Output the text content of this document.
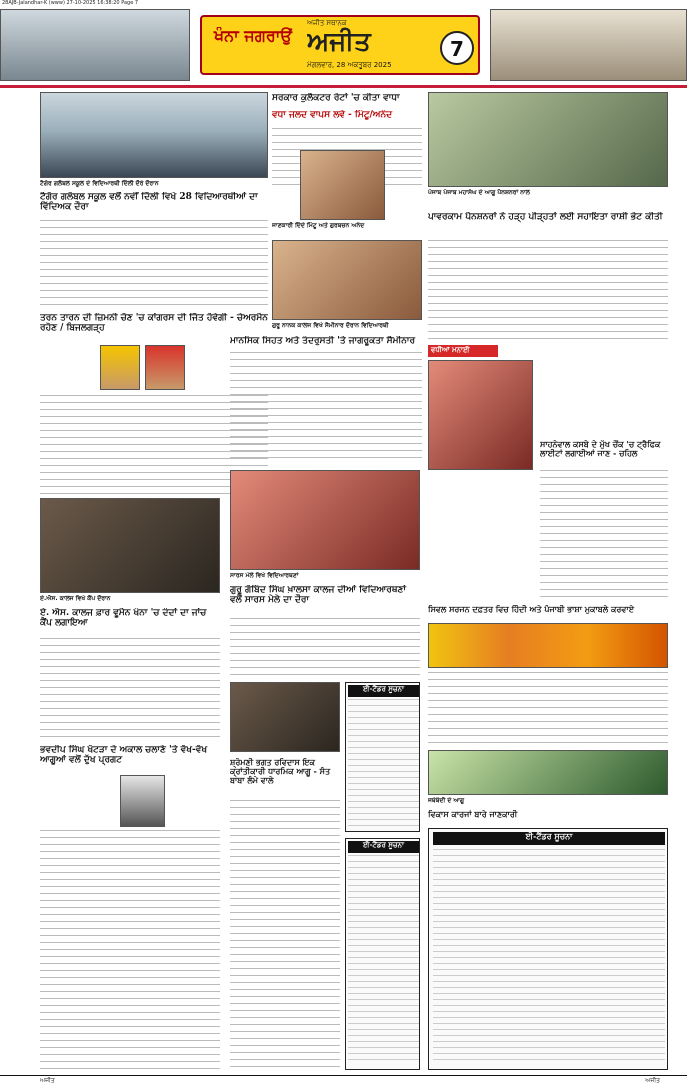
28AJB-Jalandhar-K (www) 27-10-2025 16:38:20 Page 7
ਖੰਨਾ ਜਗਰਾਉਂ
ਅਜੀਤ ਸਥਾਨਕ
ਅਜੀਤ
ਮੰਗਲਵਾਰ, 28 ਅਕਤੂਬਰ 2025
7
ਟੈਗੋਰ ਗਲੋਬਲ ਸਕੂਲ ਦੇ ਵਿਦਿਆਰਥੀ ਦਿੱਲੀ ਦੌਰੇ ਦੌਰਾਨ
ਟੈਗੋਰ ਗਲੋਬਲ ਸਕੂਲ ਵਲੋਂ ਨਵੀਂ ਦਿੱਲੀ ਵਿਖੇ 28 ਵਿਦਿਆਰਥੀਆਂ ਦਾ ਵਿੱਦਿਅਕ ਦੌਰਾ
ਸਰਕਾਰ ਕੁਲੈਕਟਰ ਰੇਟਾਂ 'ਚ ਕੀਤਾ ਵਾਧਾ
ਵਧਾ ਜਲਦ ਵਾਪਸ ਲਵੇ - ਮਿੰਟੂ/ਅਨੰਦ
ਜਾਣਕਾਰੀ ਦਿੰਦੇ ਮਿੰਟੂ ਅਤੇ ਗੁਰਬਚਨ ਅਨੰਦ
ਪੰਜਾਬ ਪੰਜਾਬ ਮਹਾਸੰਘ ਦੇ ਆਗੂ ਪੈਨਸ਼ਨਰਾਂ ਨਾਲ
ਪਾਵਰਕਾਮ ਪੈਨਸ਼ਨਰਾਂ ਨੇ ਹੜ੍ਹ ਪੀੜ੍ਹਤਾਂ ਲਈ ਸਹਾਇਤਾ ਰਾਸ਼ੀ ਭੇਟ ਕੀਤੀ
ਤਰਨ ਤਾਰਨ ਦੀ ਜ਼ਿਮਨੀ ਚੋਣ 'ਚ ਕਾਂਗਰਸ ਦੀ ਜਿੱਤ ਹੋਵੇਗੀ - ਚੇਅਰਮੈਨ ਰਹੋਣ / ਬਿਜਲਗੜ੍ਹ	ਗੁਰੂ ਨਾਨਕ ਕਾਲਜ ਵਿਖੇ ਸੈਮੀਨਾਰ ਦੌਰਾਨ ਵਿਦਿਆਰਥੀ
ਮਾਨਸਿਕ ਸਿਹਤ ਅਤੇ ਤੰਦਰੁਸਤੀ 'ਤੇ ਜਾਗਰੂਕਤਾ ਸੈਮੀਨਾਰ
ਵਧੀਆਂ ਮਨਾਈ
ਸਾਹਨੇਵਾਲ ਕਸਬੇ ਦੇ ਮੁੱਖ ਚੌਂਕ 'ਚ ਟ੍ਰੈਫਿਕ ਲਾਈਟਾਂ ਲਗਾਈਆਂ ਜਾਣ - ਚਹਿਲ
ਏ.ਐਸ. ਕਾਲਜ ਵਿਖੇ ਕੈਂਪ ਦੌਰਾਨ
ਏ. ਐਸ. ਕਾਲਜ ਫ਼ਾਰ ਵੂਮੈਨ ਖੰਨਾ 'ਚ ਦੰਦਾਂ ਦਾ ਜਾਂਚ ਕੈਂਪ ਲਗਾਇਆ
ਸਾਰਸ ਮੇਲੇ ਵਿਖੇ ਵਿਦਿਆਰਥਣਾਂ
ਗੁਰੂ ਗੋਬਿੰਦ ਸਿੰਘ ਖ਼ਾਲਸਾ ਕਾਲਜ ਦੀਆਂ ਵਿਦਿਆਰਥਣਾਂ ਵਲੋਂ ਸਾਰਸ ਮੇਲੇ ਦਾ ਦੌਰਾ
ਸਿਵਲ ਸਰਜਨ ਦਫ਼ਤਰ ਵਿਚ ਹਿੰਦੀ ਅਤੇ ਪੰਜਾਬੀ ਭਾਸ਼ਾ ਮੁਕਾਬਲੇ ਕਰਵਾਏ
ਭਵਦੀਪ ਸਿੰਘ ਖੱਟੜਾ ਦੇ ਅਕਾਲ ਚਲਾਣੇ 'ਤੇ ਵੱਖ-ਵੱਖ ਆਗੂਆਂ ਵਲੋਂ ਦੁੱਖ ਪ੍ਰਗਟ	ਸ਼੍ਰੋਮਣੀ ਭਗਤ ਰਵਿਦਾਸ ਇਕ ਕ੍ਰਾਂਤੀਕਾਰੀ ਧਾਰਮਿਕ ਆਗੂ - ਸੰਤ ਬਾਬਾ ਲੰਮੇ ਵਾਲੇ
ਜਥੇਬੰਦੀ ਦੇ ਆਗੂ
ਵਿਕਾਸ ਕਾਰਜਾਂ ਬਾਰੇ ਜਾਣਕਾਰੀ
ਈ-ਟੈਂਡਰ ਸੂਚਨਾ
ਈ-ਟੈਂਡਰ ਸੂਚਨਾ
ਈ-ਟੈਂਡਰ ਸੂਚਨਾ
ਅਜੀਤ	ਅਜੀਤ
